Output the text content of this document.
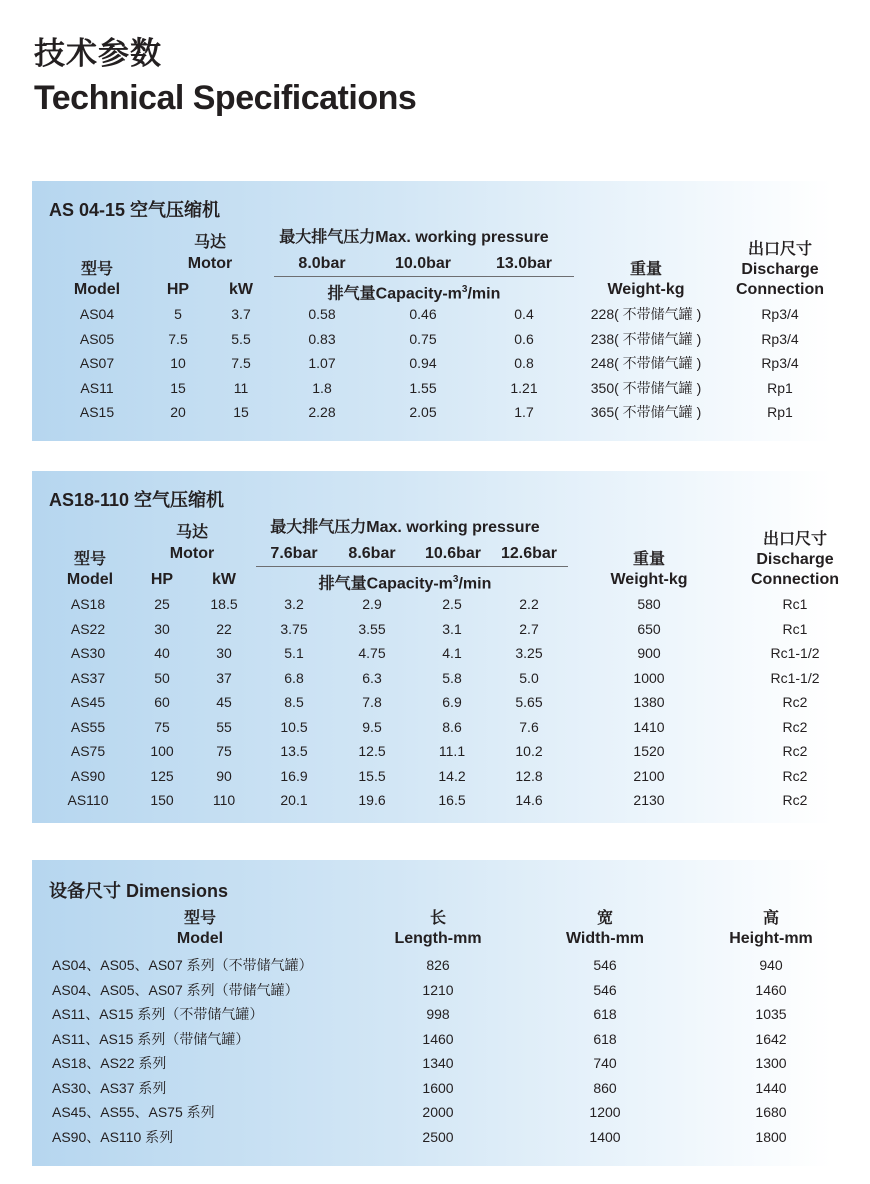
技术参数
Technical Specifications
AS 04-15 空气压缩机
型号
Model
马达
Motor
HP	kW
最大排气压力Max. working pressure
8.0bar	10.0bar	13.0bar
排气量Capacity-$m^3/\min$
重量
Weight-kg
出口尺寸
Discharge
Connection
AS04	5	3.7	0.58	0.46	0.4	228( 不带储气罐 )	Rp3/4
AS05	7.5	5.5	0.83	0.75	0.6	238( 不带储气罐 )	Rp3/4
AS07	10	7.5	1.07	0.94	0.8	248( 不带储气罐 )	Rp3/4
AS11	15	11	1.8	1.55	1.21	350( 不带储气罐 )	Rp1
AS15	20	15	2.28	2.05	1.7	365( 不带储气罐 )	Rp1
AS18-110 空气压缩机
型号
Model
马达
Motor
HP	kW
最大排气压力Max. working pressure
7.6bar	8.6bar	10.6bar	12.6bar
排气量Capacity-$m^3/\min$
重量
Weight-kg
出口尺寸
Discharge
Connection
AS18	25	18.5	3.2	2.9	2.5	2.2	580	Rc1
AS22	30	22	3.75	3.55	3.1	2.7	650	Rc1
AS30	40	30	5.1	4.75	4.1	3.25	900	Rc1-1/2
AS37	50	37	6.8	6.3	5.8	5.0	1000	Rc1-1/2
AS45	60	45	8.5	7.8	6.9	5.65	1380	Rc2
AS55	75	55	10.5	9.5	8.6	7.6	1410	Rc2
AS75	100	75	13.5	12.5	11.1	10.2	1520	Rc2
AS90	125	90	16.9	15.5	14.2	12.8	2100	Rc2
AS110	150	110	20.1	19.6	16.5	14.6	2130	Rc2
设备尺寸 Dimensions
型号
Model
长
Length-mm
宽
Width-mm
高
Height-mm
AS04、AS05、AS07 系列（不带储气罐）	826	546	940
AS04、AS05、AS07 系列（带储气罐）	1210	546	1460
AS11、AS15 系列（不带储气罐）	998	618	1035
AS11、AS15 系列（带储气罐）	1460	618	1642
AS18、AS22 系列	1340	740	1300
AS30、AS37 系列	1600	860	1440
AS45、AS55、AS75 系列	2000	1200	1680
AS90、AS110 系列	2500	1400	1800
